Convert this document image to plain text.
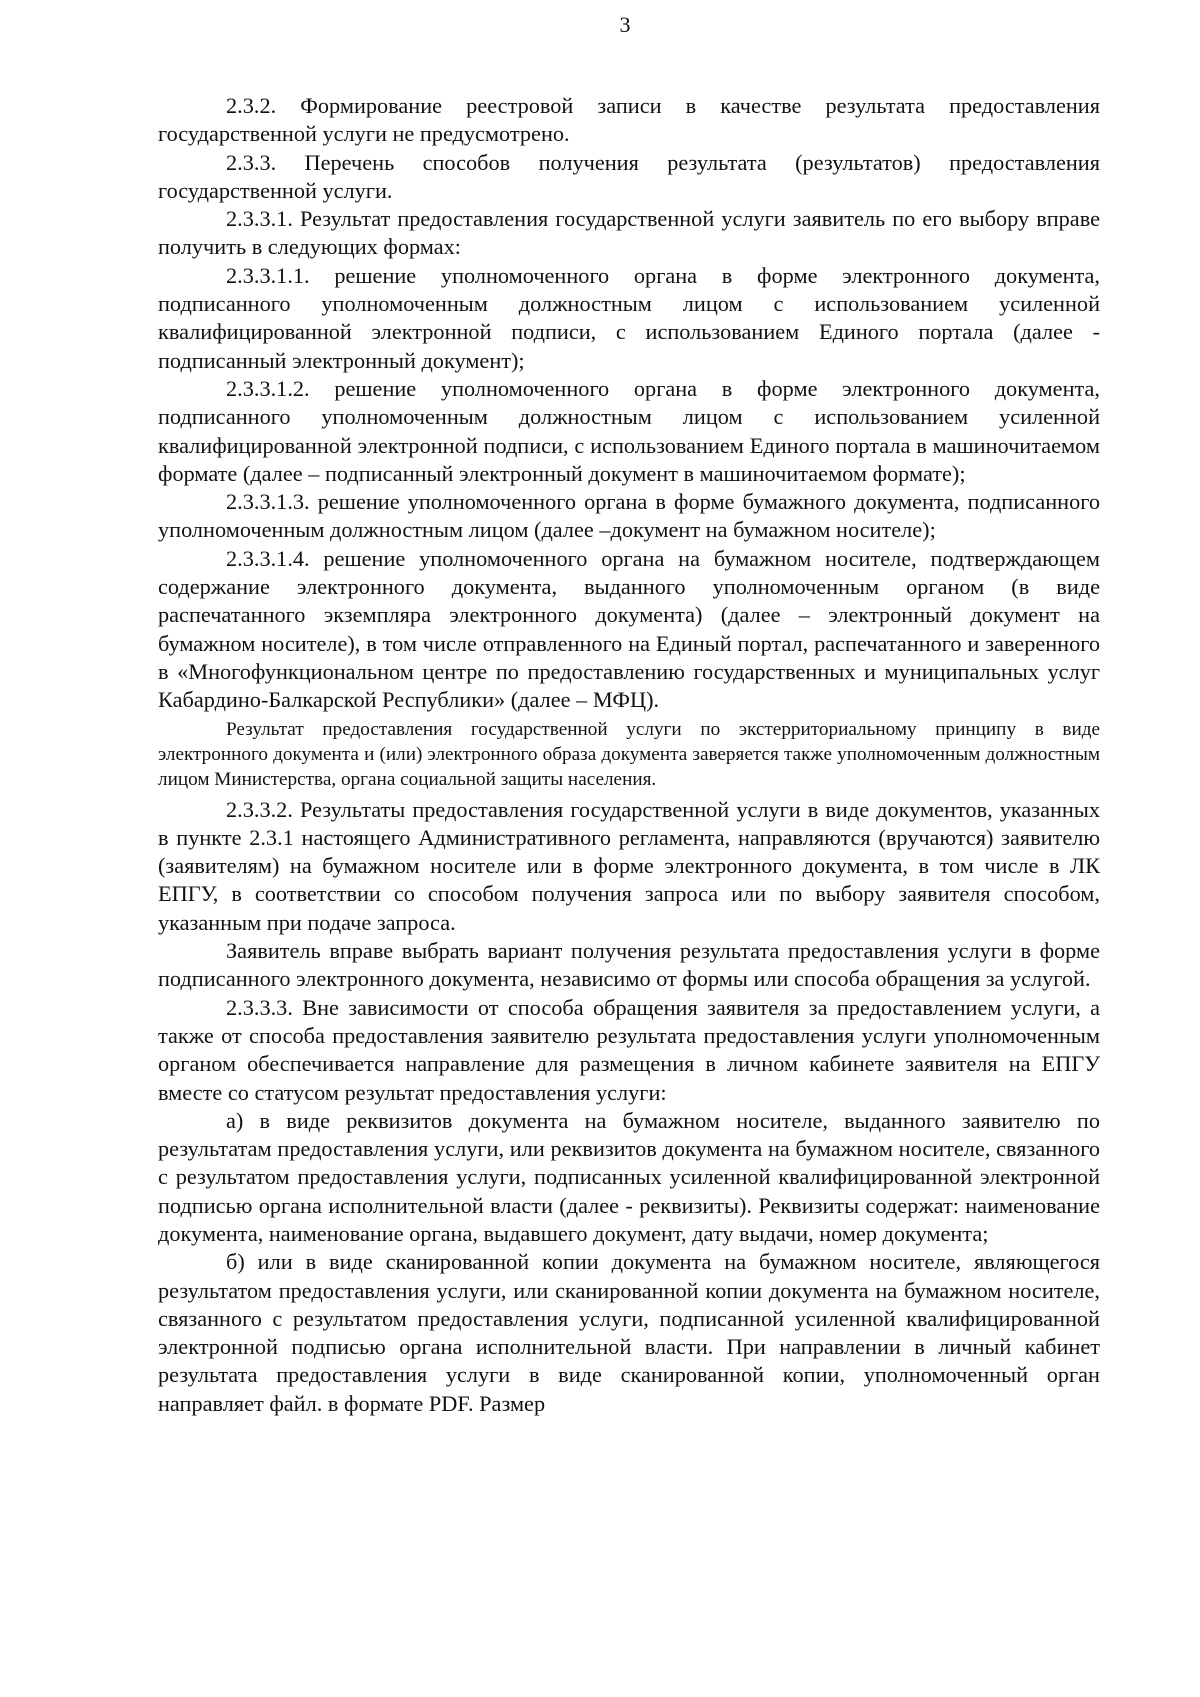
3

2.3.2. Формирование реестровой записи в качестве результата предоставления государственной услуги не предусмотрено.

2.3.3. Перечень способов получения результата (результатов) предоставления государственной услуги.

2.3.3.1. Результат предоставления государственной услуги заявитель по его выбору вправе получить в следующих формах:

2.3.3.1.1. решение уполномоченного органа в форме электронного документа, подписанного уполномоченным должностным лицом с использованием усиленной квалифицированной электронной подписи, с использованием Единого портала (далее - подписанный электронный документ);

2.3.3.1.2. решение уполномоченного органа в форме электронного документа, подписанного уполномоченным должностным лицом с использованием усиленной квалифицированной электронной подписи, с использованием Единого портала в машиночитаемом формате (далее – подписанный электронный документ в машиночитаемом формате);

2.3.3.1.3. решение уполномоченного органа в форме бумажного документа, подписанного уполномоченным должностным лицом (далее –документ на бумажном носителе);

2.3.3.1.4. решение уполномоченного органа на бумажном носителе, подтверждающем содержание электронного документа, выданного уполномоченным органом (в виде распечатанного экземпляра электронного документа) (далее – электронный документ на бумажном носителе), в том числе отправленного на Единый портал, распечатанного и заверенного в «Многофункциональном центре по предоставлению государственных и муниципальных услуг Кабардино-Балкарской Республики» (далее – МФЦ).

Результат предоставления государственной услуги по экстерриториальному принципу в виде электронного документа и (или) электронного образа документа заверяется также уполномоченным должностным лицом Министерства, органа социальной защиты населения.

2.3.3.2. Результаты предоставления государственной услуги в виде документов, указанных в пункте 2.3.1 настоящего Административного регламента, направляются (вручаются) заявителю (заявителям) на бумажном носителе или в форме электронного документа, в том числе в ЛК ЕПГУ, в соответствии со способом получения запроса или по выбору заявителя способом, указанным при подаче запроса.

Заявитель вправе выбрать вариант получения результата предоставления услуги в форме подписанного электронного документа, независимо от формы или способа обращения за услугой.

2.3.3.3. Вне зависимости от способа обращения заявителя за предоставлением услуги, а также от способа предоставления заявителю результата предоставления услуги уполномоченным органом обеспечивается направление для размещения в личном кабинете заявителя на ЕПГУ вместе со статусом результат предоставления услуги:

а) в виде реквизитов документа на бумажном носителе, выданного заявителю по результатам предоставления услуги, или реквизитов документа на бумажном носителе, связанного с результатом предоставления услуги, подписанных усиленной квалифицированной электронной подписью органа исполнительной власти (далее - реквизиты). Реквизиты содержат: наименование документа, наименование органа, выдавшего документ, дату выдачи, номер документа;

б) или в виде сканированной копии документа на бумажном носителе, являющегося результатом предоставления услуги, или сканированной копии документа на бумажном носителе, связанного с результатом предоставления услуги, подписанной усиленной квалифицированной электронной подписью органа исполнительной власти. При направлении в личный кабинет результата предоставления услуги в виде сканированной копии, уполномоченный орган направляет файл. в формате PDF. Размер
